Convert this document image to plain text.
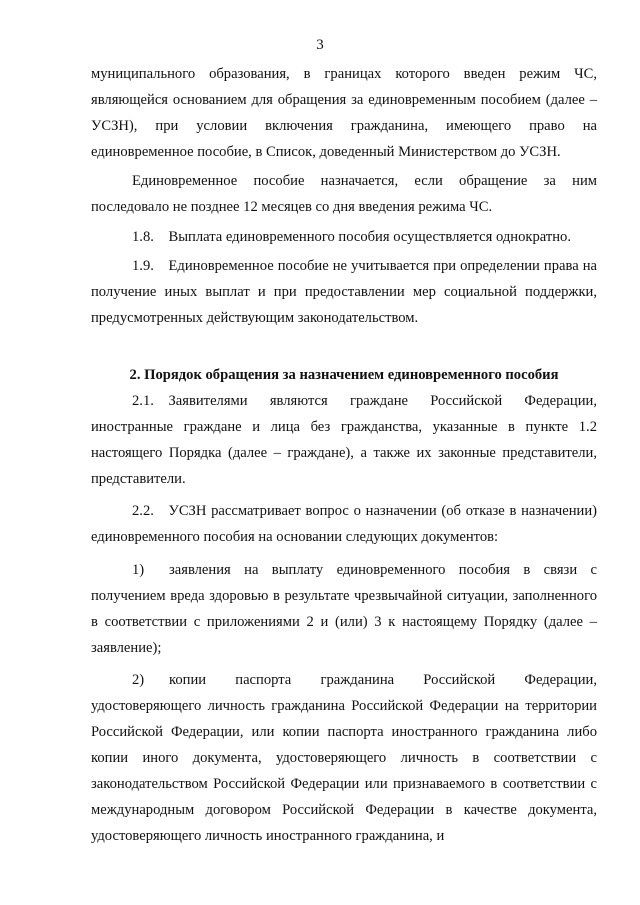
3

муниципального образования, в границах которого введен режим ЧС, являющейся основанием для обращения за единовременным пособием (далее – УСЗН), при условии включения гражданина, имеющего право на единовременное пособие, в Список, доведенный Министерством до УСЗН.

Единовременное пособие назначается, если обращение за ним последовало не позднее 12 месяцев со дня введения режима ЧС.

1.8. Выплата единовременного пособия осуществляется однократно.

1.9. Единовременное пособие не учитывается при определении права на получение иных выплат и при предоставлении мер социальной поддержки, предусмотренных действующим законодательством.

2. Порядок обращения за назначением единовременного пособия

2.1. Заявителями являются граждане Российской Федерации, иностранные граждане и лица без гражданства, указанные в пункте 1.2 настоящего Порядка (далее – граждане), а также их законные представители, представители.

2.2. УСЗН рассматривает вопрос о назначении (об отказе в назначении) единовременного пособия на основании следующих документов:

1) заявления на выплату единовременного пособия в связи с получением вреда здоровью в результате чрезвычайной ситуации, заполненного в соответствии с приложениями 2 и (или) 3 к настоящему Порядку (далее – заявление);

2) копии паспорта гражданина Российской Федерации, удостоверяющего личность гражданина Российской Федерации на территории Российской Федерации, или копии паспорта иностранного гражданина либо копии иного документа, удостоверяющего личность в соответствии с законодательством Российской Федерации или признаваемого в соответствии с международным договором Российской Федерации в качестве документа, удостоверяющего личность иностранного гражданина, и
